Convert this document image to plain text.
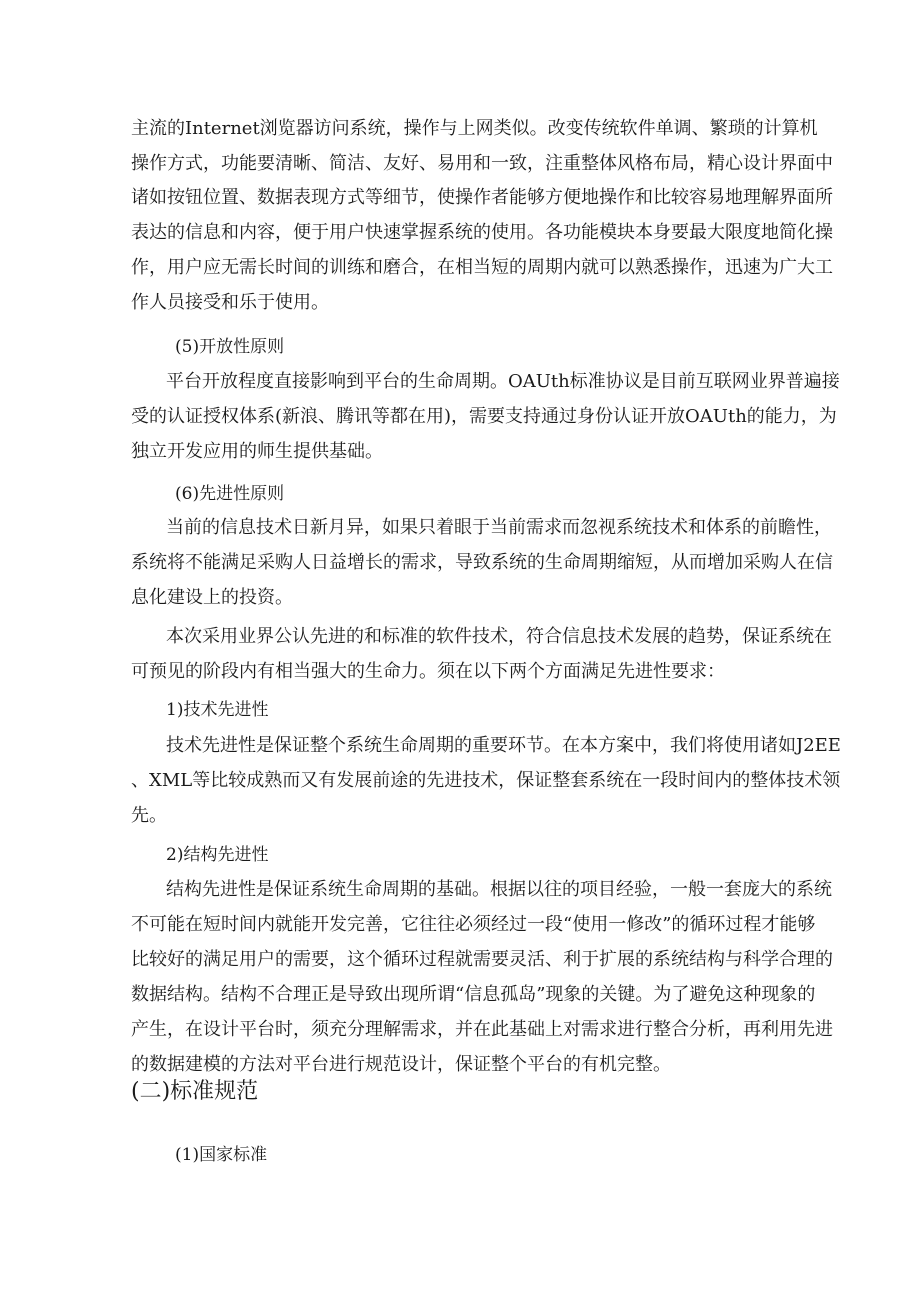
主流的Internet浏览器访问系统，操作与上网类似。改变传统软件单调、繁琐的计算机
操作方式，功能要清晰、简洁、友好、易用和一致，注重整体风格布局，精心设计界面中
诸如按钮位置、数据表现方式等细节，使操作者能够方便地操作和比较容易地理解界面所
表达的信息和内容，便于用户快速掌握系统的使用。各功能模块本身要最大限度地简化操
作，用户应无需长时间的训练和磨合，在相当短的周期内就可以熟悉操作，迅速为广大工
作人员接受和乐于使用。
(5)开放性原则
平台开放程度直接影响到平台的生命周期。OAUth标准协议是目前互联网业界普遍接
受的认证授权体系(新浪、腾讯等都在用)，需要支持通过身份认证开放OAUth的能力，为
独立开发应用的师生提供基础。
(6)先进性原则
当前的信息技术日新月异，如果只着眼于当前需求而忽视系统技术和体系的前瞻性，
系统将不能满足采购人日益增长的需求，导致系统的生命周期缩短，从而增加采购人在信
息化建设上的投资。
本次采用业界公认先进的和标准的软件技术，符合信息技术发展的趋势，保证系统在
可预见的阶段内有相当强大的生命力。须在以下两个方面满足先进性要求：
1)技术先进性
技术先进性是保证整个系统生命周期的重要环节。在本方案中，我们将使用诸如J2EE
、XML等比较成熟而又有发展前途的先进技术，保证整套系统在一段时间内的整体技术领
先。
2)结构先进性
结构先进性是保证系统生命周期的基础。根据以往的项目经验，一般一套庞大的系统
不可能在短时间内就能开发完善，它往往必须经过一段“使用一修改”的循环过程才能够
比较好的满足用户的需要，这个循环过程就需要灵活、利于扩展的系统结构与科学合理的
数据结构。结构不合理正是导致出现所谓“信息孤岛”现象的关键。为了避免这种现象的
产生，在设计平台时，须充分理解需求，并在此基础上对需求进行整合分析，再利用先进
的数据建模的方法对平台进行规范设计，保证整个平台的有机完整。
(二)标准规范
(1)国家标准
